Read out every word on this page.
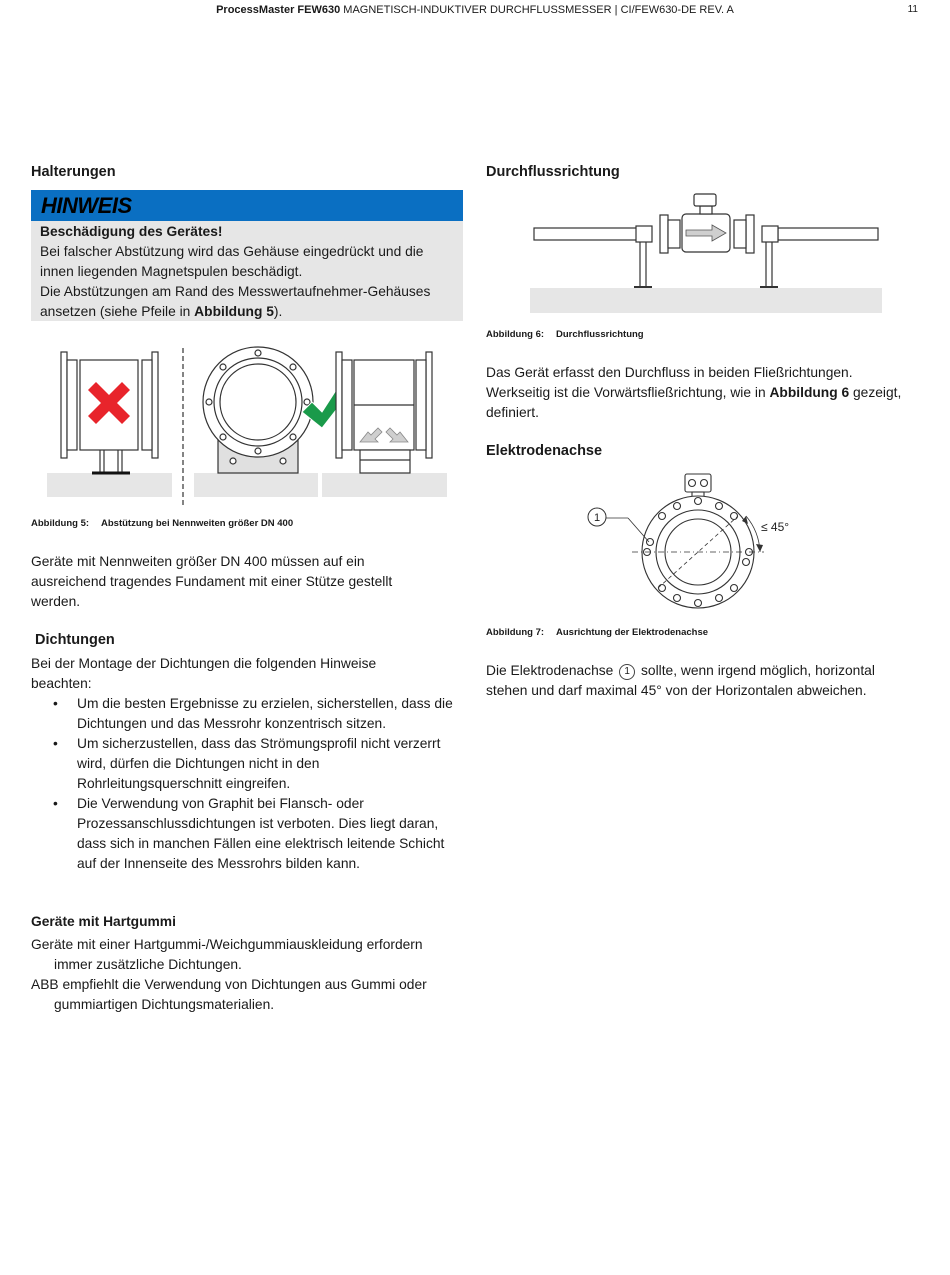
ProcessMaster FEW630 MAGNETISCH-INDUKTIVER DURCHFLUSSMESSER | CI/FEW630-DE REV. A	11
Halterungen
HINWEIS
Beschädigung des Gerätes!
Bei falscher Abstützung wird das Gehäuse eingedrückt und die innen liegenden Magnetspulen beschädigt.
Die Abstützungen am Rand des Messwertaufnehmer-Gehäuses ansetzen (siehe Pfeile in Abbildung 5).
Abbildung 5: Abstützung bei Nennweiten größer DN 400

Geräte mit Nennweiten größer DN 400 müssen auf ein ausreichend tragendes Fundament mit einer Stütze gestellt werden.

Dichtungen

Bei der Montage der Dichtungen die folgenden Hinweise beachten:

• Um die besten Ergebnisse zu erzielen, sicherstellen, dass die Dichtungen und das Messrohr konzentrisch sitzen.
• Um sicherzustellen, dass das Strömungsprofil nicht verzerrt wird, dürfen die Dichtungen nicht in den Rohrleitungsquerschnitt eingreifen.
• Die Verwendung von Graphit bei Flansch- oder Prozessanschlussdichtungen ist verboten. Dies liegt daran, dass sich in manchen Fällen eine elektrisch leitende Schicht auf der Innenseite des Messrohrs bilden kann.
Geräte mit Hartgummi
Geräte mit einer Hartgummi-/Weichgummiauskleidung erfordern immer zusätzliche Dichtungen.
ABB empfiehlt die Verwendung von Dichtungen aus Gummi oder gummiartigen Dichtungsmaterialien.
Durchflussrichtung
Abbildung 6: Durchflussrichtung

Das Gerät erfasst den Durchfluss in beiden Fließrichtungen. Werkseitig ist die Vorwärtsfließrichtung, wie in Abbildung 6 gezeigt, definiert.

Elektrodenachse
1
≤ 45°
Abbildung 7: Ausrichtung der Elektrodenachse

Die Elektrodenachse 1 sollte, wenn irgend möglich, horizontal stehen und darf maximal 45° von der Horizontalen abweichen.
